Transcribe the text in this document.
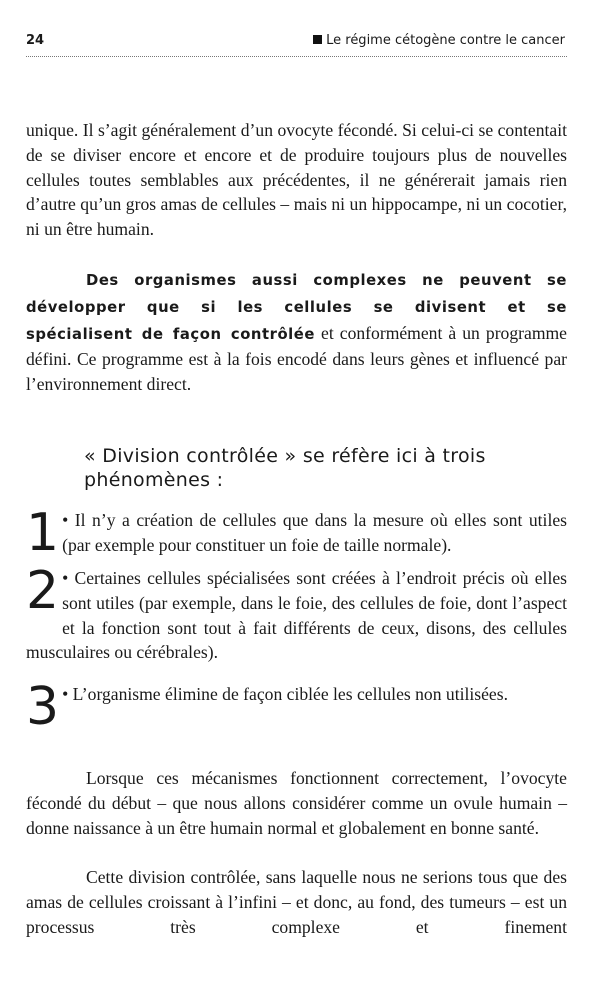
24	Le régime cétogène contre le cancer

unique. Il s’agit généralement d’un ovocyte fécondé. Si celui-ci se contentait de se diviser encore et encore et de produire toujours plus de nouvelles cellules toutes semblables aux précédentes, il ne générerait jamais rien d’autre qu’un gros amas de cellules – mais ni un hippocampe, ni un cocotier, ni un être humain.

Des organismes aussi complexes ne peuvent se développer que si les cellules se divisent et se spécialisent de façon contrôlée et conformément à un programme défini. Ce programme est à la fois encodé dans leurs gènes et influencé par l’environnement direct.

« Division contrôlée » se réfère ici à trois phénomènes :

1 • Il n’y a création de cellules que dans la mesure où elles sont utiles (par exemple pour constituer un foie de taille normale).

2 • Certaines cellules spécialisées sont créées à l’endroit précis où elles sont utiles (par exemple, dans le foie, des cellules de foie, dont l’aspect et la fonction sont tout à fait différents de ceux, disons, des cellules musculaires ou cérébrales).

3 • L’organisme élimine de façon ciblée les cellules non utilisées.

Lorsque ces mécanismes fonctionnent correctement, l’ovocyte fécondé du début – que nous allons considérer comme un ovule humain – donne naissance à un être humain normal et globalement en bonne santé.

Cette division contrôlée, sans laquelle nous ne serions tous que des amas de cellules croissant à l’infini – et donc, au fond, des tumeurs – est un processus très complexe et finement
